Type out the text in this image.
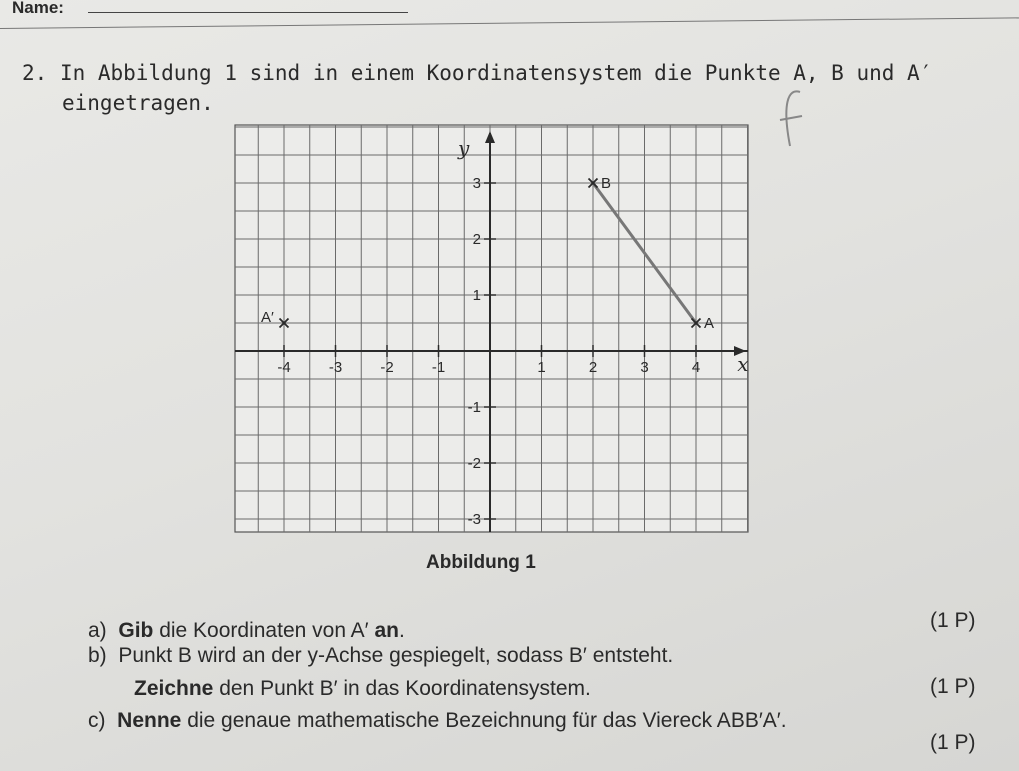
Name:
2. In Abbildung 1 sind in einem Koordinatensystem die Punkte A, B und A′
eingetragen.
x
y
-4	-3	-2	-1	1	2	3	4
3
2
1
-1
-2
-3
B
A
A′
Abbildung 1
a) Gib die Koordinaten von A′ an.	(1 P)
b) Punkt B wird an der y-Achse gespiegelt, sodass B′ entsteht.
Zeichne den Punkt B′ in das Koordinatensystem.	(1 P)
c) Nenne die genaue mathematische Bezeichnung für das Viereck ABB′A′.
(1 P)
